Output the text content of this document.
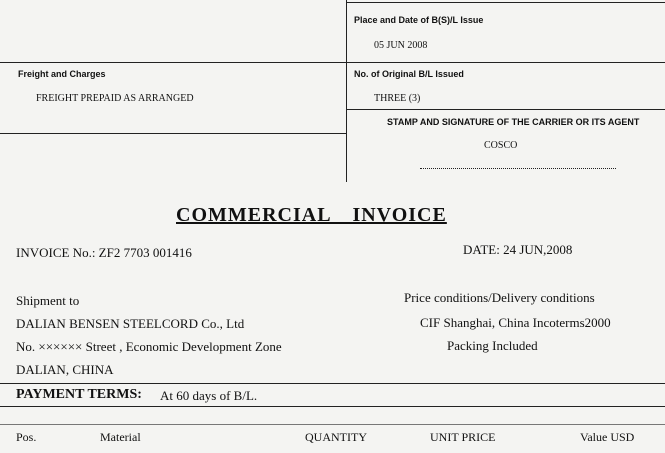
Place and Date of B(S)/L Issue
05 JUN 2008
Freight and Charges
FREIGHT PREPAID AS ARRANGED
No. of Original B/L Issued
THREE (3)
STAMP AND SIGNATURE OF THE CARRIER OR ITS AGENT
COSCO
COMMERCIAL INVOICE
INVOICE No.: ZF2 7703 001416	DATE: 24 JUN,2008
Shipment to
DALIAN BENSEN STEELCORD Co., Ltd
No. ×××××× Street , Economic Development Zone
DALIAN, CHINA
Price conditions/Delivery conditions
CIF Shanghai, China Incoterms2000
Packing Included
PAYMENT TERMS: At 60 days of B/L.
Pos.	Material	QUANTITY	UNIT PRICE	Value USD
